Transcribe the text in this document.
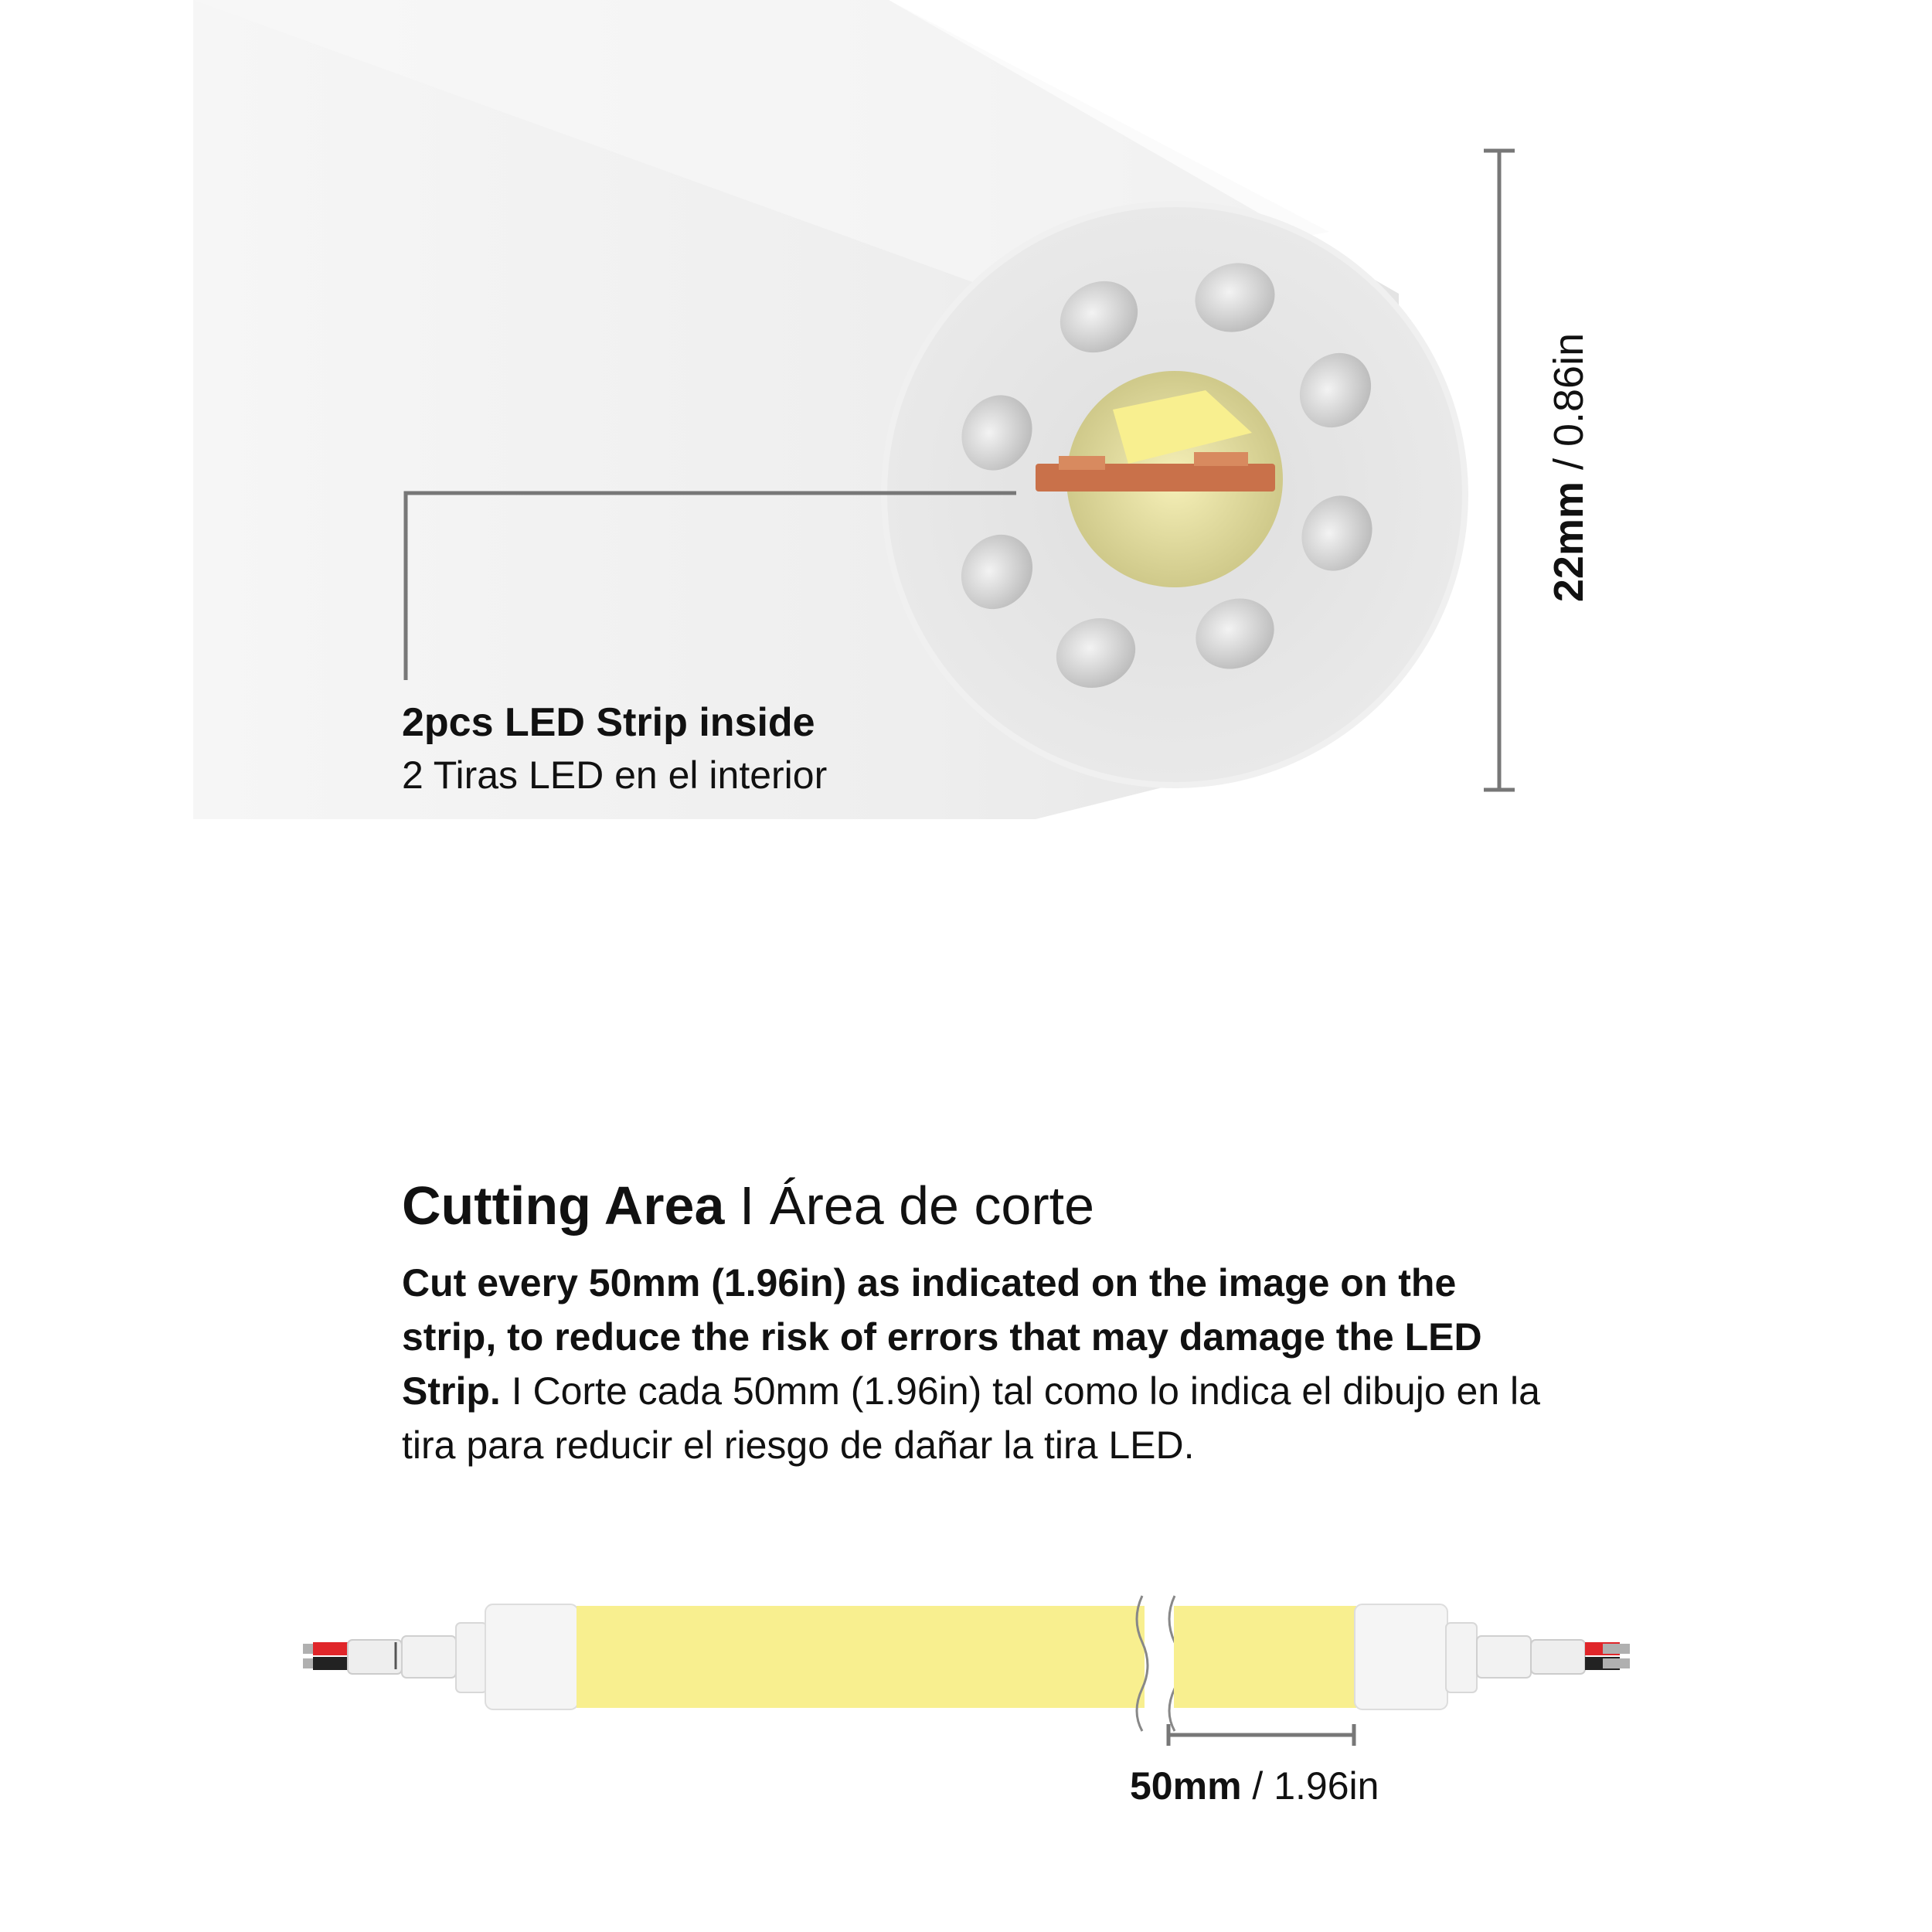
2pcs LED Strip inside
2 Tiras LED en el interior
22mm / 0.86in
Cutting Area I Área de corte
Cut every 50mm (1.96in) as indicated on the image on the strip, to reduce the risk of errors that may damage the LED Strip. I Corte cada 50mm (1.96in) tal como lo indica el dibujo en la tira para reducir el riesgo de dañar la tira LED.
50mm / 1.96in
